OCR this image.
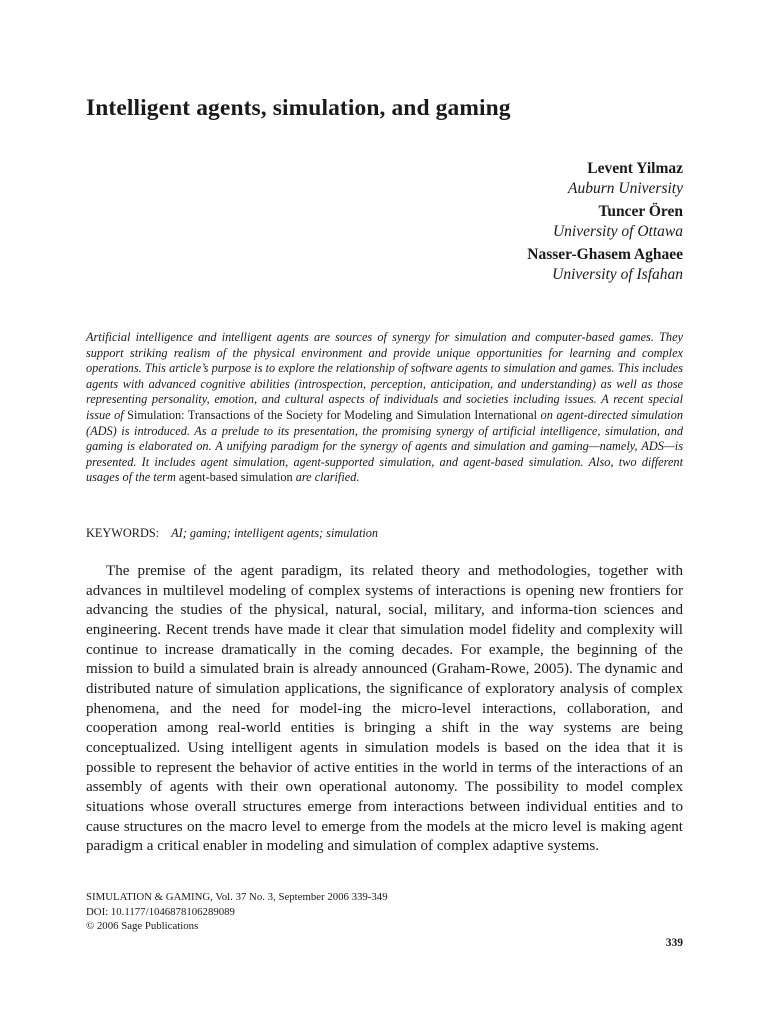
Intelligent agents, simulation, and gaming
Levent Yilmaz
Auburn University
Tuncer Ören
University of Ottawa
Nasser-Ghasem Aghaee
University of Isfahan
Artificial intelligence and intelligent agents are sources of synergy for simulation and computer-based games. They support striking realism of the physical environment and provide unique opportunities for learning and complex operations. This article’s purpose is to explore the relationship of software agents to simulation and games. This includes agents with advanced cognitive abilities (introspection, perception, anticipation, and understanding) as well as those representing personality, emotion, and cultural aspects of individuals and societies including issues. A recent special issue of Simulation: Transactions of the Society for Modeling and Simulation International on agent-directed simulation (ADS) is introduced. As a prelude to its presentation, the promising synergy of artificial intelligence, simulation, and gaming is elaborated on. A unifying paradigm for the synergy of agents and simulation and gaming—namely, ADS—is presented. It includes agent simulation, agent-supported simulation, and agent-based simulation. Also, two different usages of the term agent-based simulation are clarified.
KEYWORDS: AI; gaming; intelligent agents; simulation

The premise of the agent paradigm, its related theory and methodologies, together with advances in multilevel modeling of complex systems of interactions is opening new frontiers for advancing the studies of the physical, natural, social, military, and informa-tion sciences and engineering. Recent trends have made it clear that simulation model fidelity and complexity will continue to increase dramatically in the coming decades. For example, the beginning of the mission to build a simulated brain is already announced (Graham-Rowe, 2005). The dynamic and distributed nature of simulation applications, the significance of exploratory analysis of complex phenomena, and the need for model-ing the micro-level interactions, collaboration, and cooperation among real-world entities is bringing a shift in the way systems are being conceptualized. Using intelligent agents in simulation models is based on the idea that it is possible to represent the behavior of active entities in the world in terms of the interactions of an assembly of agents with their own operational autonomy. The possibility to model complex situations whose overall structures emerge from interactions between individual entities and to cause structures on the macro level to emerge from the models at the micro level is making agent paradigm a critical enabler in modeling and simulation of complex adaptive systems.

SIMULATION & GAMING, Vol. 37 No. 3, September 2006 339-349
DOI: 10.1177/1046878106289089
© 2006 Sage Publications
339
